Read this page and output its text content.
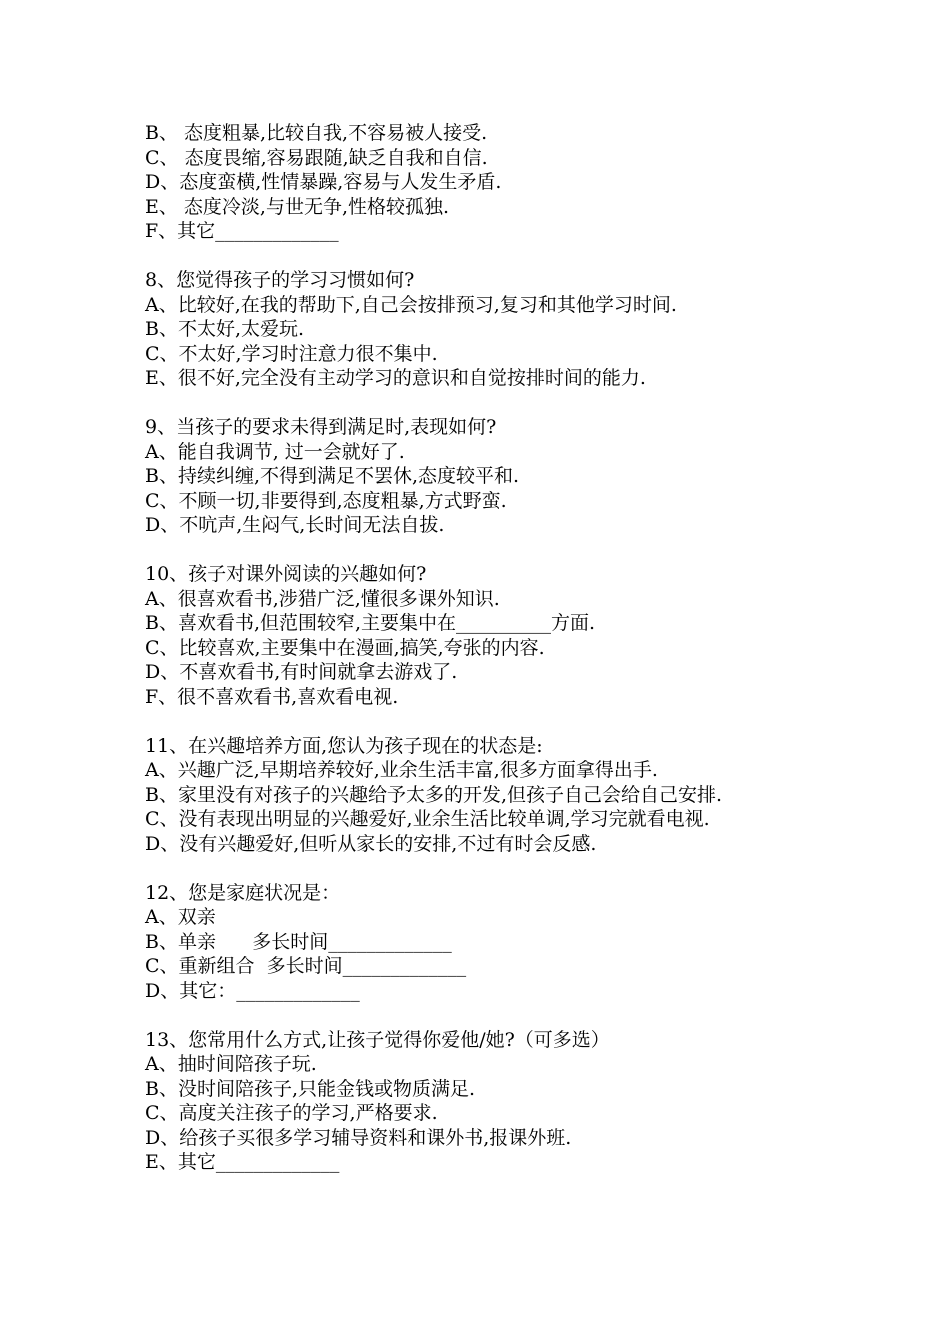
B、 态度粗暴,比较自我,不容易被人接受.
C、 态度畏缩,容易跟随,缺乏自我和自信.
D、态度蛮横,性情暴躁,容易与人发生矛盾.
E、 态度冷淡,与世无争,性格较孤独.
F、其它_____________
8、您觉得孩子的学习习惯如何?
A、比较好,在我的帮助下,自己会按排预习,复习和其他学习时间.
B、不太好,太爱玩.
C、不太好,学习时注意力很不集中.
E、很不好,完全没有主动学习的意识和自觉按排时间的能力.
9、当孩子的要求未得到满足时,表现如何?
A、能自我调节, 过一会就好了.
B、持续纠缠,不得到满足不罢休,态度较平和.
C、不顾一切,非要得到,态度粗暴,方式野蛮.
D、不吭声,生闷气,长时间无法自拔.
10、孩子对课外阅读的兴趣如何?
A、很喜欢看书,涉猎广泛,懂很多课外知识.
B、喜欢看书,但范围较窄,主要集中在__________方面.
C、比较喜欢,主要集中在漫画,搞笑,夸张的内容.
D、不喜欢看书,有时间就拿去游戏了.
F、很不喜欢看书,喜欢看电视.
11、在兴趣培养方面,您认为孩子现在的状态是:
A、兴趣广泛,早期培养较好,业余生活丰富,很多方面拿得出手.
B、家里没有对孩子的兴趣给予太多的开发,但孩子自己会给自己安排.
C、没有表现出明显的兴趣爱好,业余生活比较单调,学习完就看电视.
D、没有兴趣爱好,但听从家长的安排,不过有时会反感.
12、您是家庭状况是：
A、双亲
B、单亲      多长时间_____________
C、重新组合  多长时间_____________
D、其它：_____________
13、您常用什么方式,让孩子觉得你爱他/她?（可多选）
A、抽时间陪孩子玩.
B、没时间陪孩子,只能金钱或物质满足.
C、高度关注孩子的学习,严格要求.
D、给孩子买很多学习辅导资料和课外书,报课外班.
E、其它_____________
